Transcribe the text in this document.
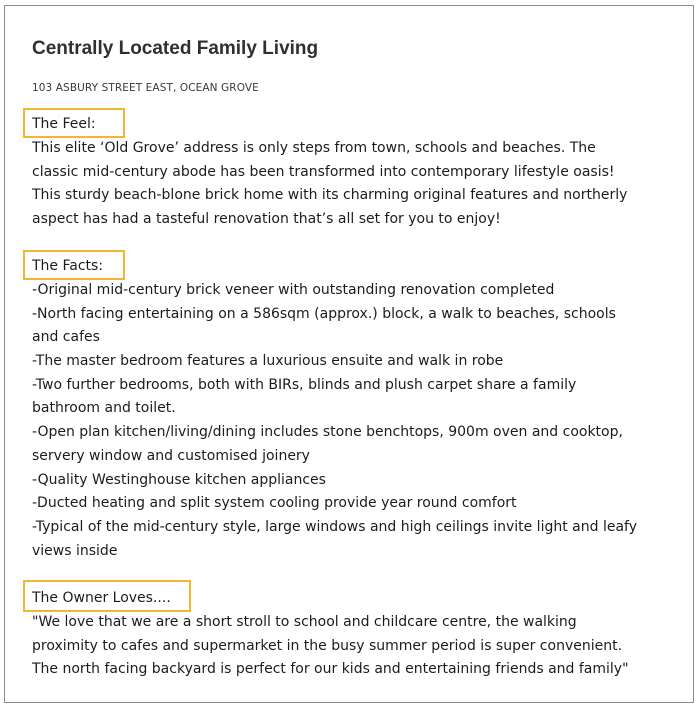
Centrally Located Family Living
103 ASBURY STREET EAST, OCEAN GROVE
The Feel:
This elite ‘Old Grove’ address is only steps from town, schools and beaches. The
classic mid-century abode has been transformed into contemporary lifestyle oasis!
This sturdy beach-blone brick home with its charming original features and northerly
aspect has had a tasteful renovation that’s all set for you to enjoy!
The Facts:
-Original mid-century brick veneer with outstanding renovation completed
-North facing entertaining on a 586sqm (approx.) block, a walk to beaches, schools
and cafes
-The master bedroom features a luxurious ensuite and walk in robe
-Two further bedrooms, both with BIRs, blinds and plush carpet share a family
bathroom and toilet.
-Open plan kitchen/living/dining includes stone benchtops, 900m oven and cooktop,
servery window and customised joinery
-Quality Westinghouse kitchen appliances
-Ducted heating and split system cooling provide year round comfort
-Typical of the mid-century style, large windows and high ceilings invite light and leafy
views inside
The Owner Loves....
"We love that we are a short stroll to school and childcare centre, the walking
proximity to cafes and supermarket in the busy summer period is super convenient.
The north facing backyard is perfect for our kids and entertaining friends and family"
